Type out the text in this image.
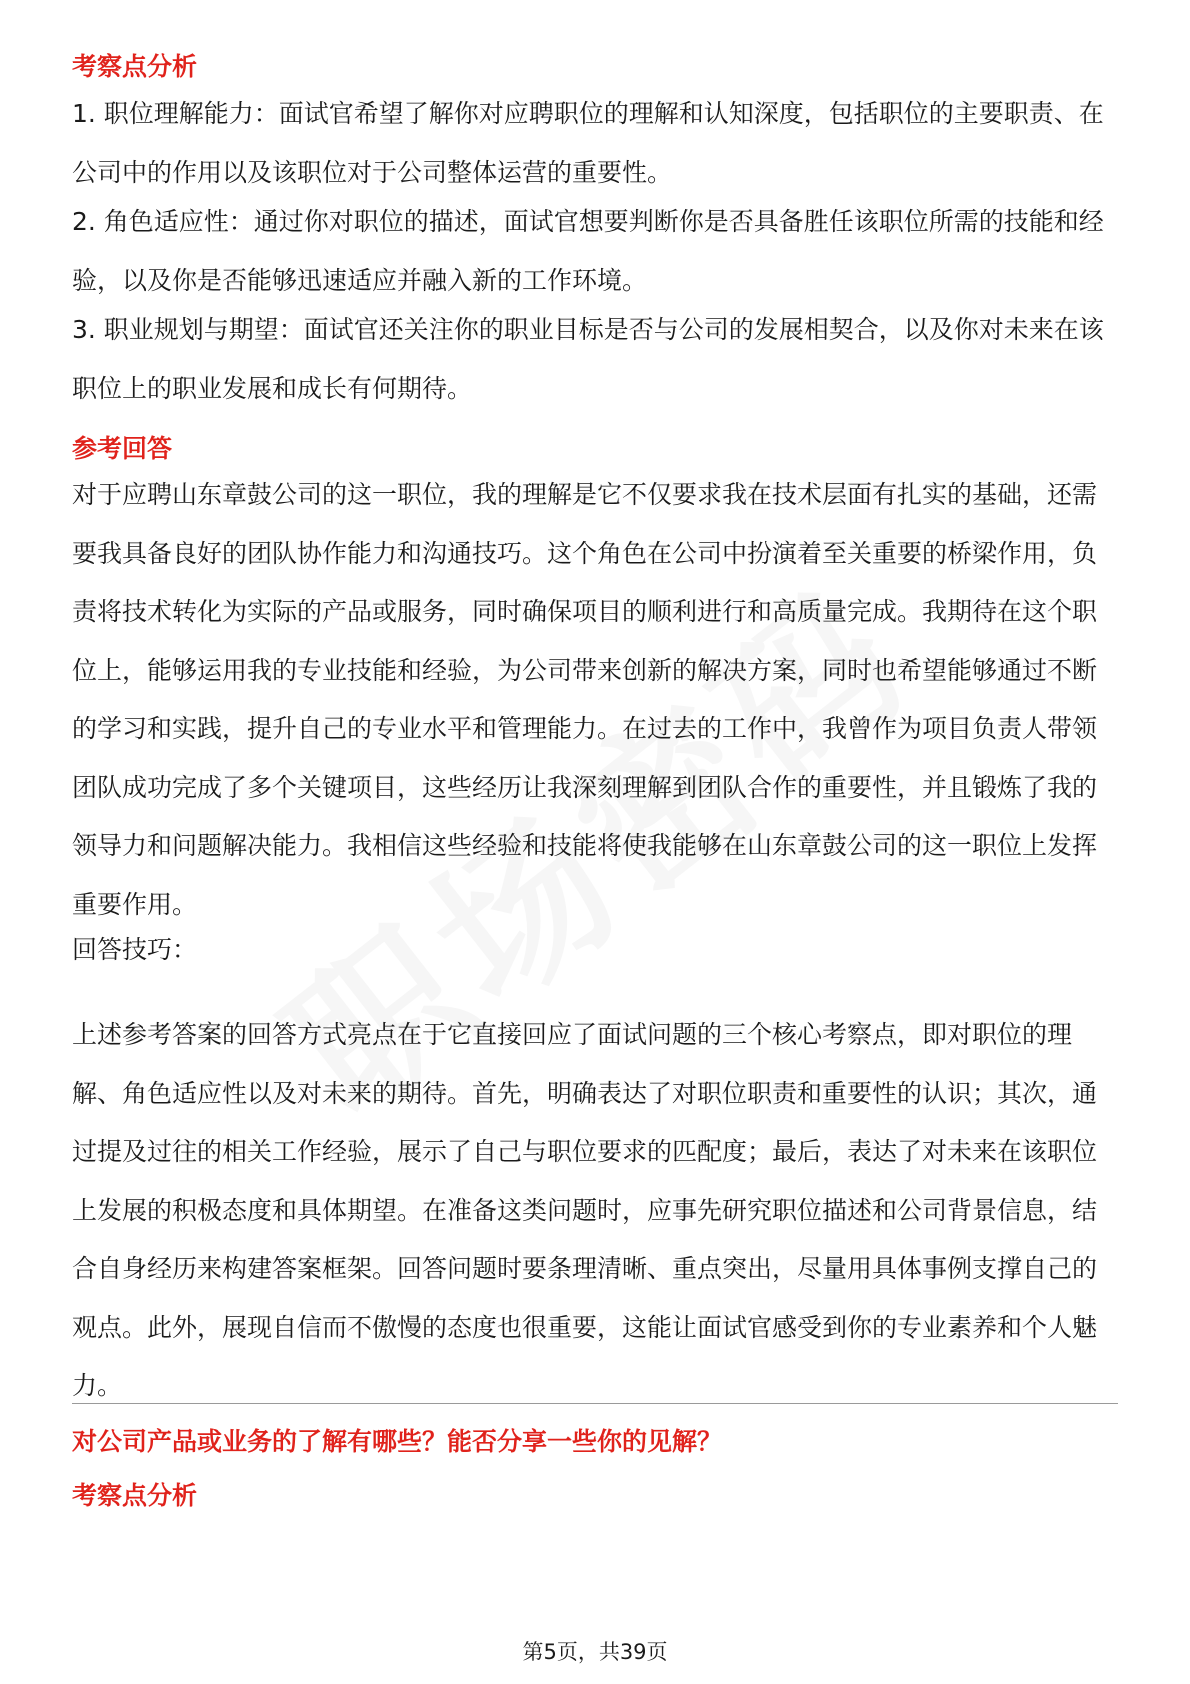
考察点分析

1. 职位理解能力：面试官希望了解你对应聘职位的理解和认知深度，包括职位的主要职责、在公司中的作用以及该职位对于公司整体运营的重要性。

2. 角色适应性：通过你对职位的描述，面试官想要判断你是否具备胜任该职位所需的技能和经验，以及你是否能够迅速适应并融入新的工作环境。

3. 职业规划与期望：面试官还关注你的职业目标是否与公司的发展相契合，以及你对未来在该职位上的职业发展和成长有何期待。

参考回答

对于应聘山东章鼓公司的这一职位，我的理解是它不仅要求我在技术层面有扎实的基础，还需要我具备良好的团队协作能力和沟通技巧。这个角色在公司中扮演着至关重要的桥梁作用，负责将技术转化为实际的产品或服务，同时确保项目的顺利进行和高质量完成。我期待在这个职位上，能够运用我的专业技能和经验，为公司带来创新的解决方案，同时也希望能够通过不断的学习和实践，提升自己的专业水平和管理能力。在过去的工作中，我曾作为项目负责人带领团队成功完成了多个关键项目，这些经历让我深刻理解到团队合作的重要性，并且锻炼了我的领导力和问题解决能力。我相信这些经验和技能将使我能够在山东章鼓公司的这一职位上发挥重要作用。

回答技巧：

上述参考答案的回答方式亮点在于它直接回应了面试问题的三个核心考察点，即对职位的理解、角色适应性以及对未来的期待。首先，明确表达了对职位职责和重要性的认识；其次，通过提及过往的相关工作经验，展示了自己与职位要求的匹配度；最后，表达了对未来在该职位上发展的积极态度和具体期望。在准备这类问题时，应事先研究职位描述和公司背景信息，结合自身经历来构建答案框架。回答问题时要条理清晰、重点突出，尽量用具体事例支撑自己的观点。此外，展现自信而不傲慢的态度也很重要，这能让面试官感受到你的专业素养和个人魅力。

对公司产品或业务的了解有哪些？能否分享一些你的见解？
考察点分析
第5页，共39页
